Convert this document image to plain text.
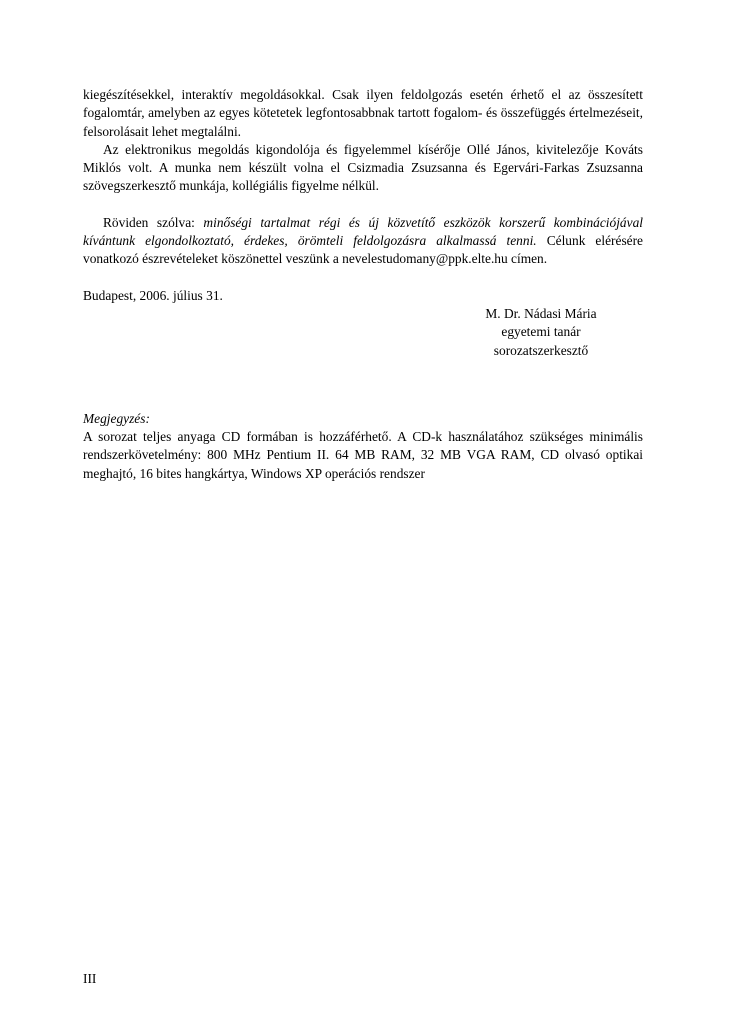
kiegészítésekkel, interaktív megoldásokkal. Csak ilyen feldolgozás esetén érhető el az összesített fogalomtár, amelyben az egyes kötetetek legfontosabbnak tartott fogalom- és összefüggés értelmezéseit, felsorolásait lehet megtalálni.

Az elektronikus megoldás kigondolója és figyelemmel kísérője Ollé János, kivitelezője Kováts Miklós volt. A munka nem készült volna el Csizmadia Zsuzsanna és Egervári-Farkas Zsuzsanna szövegszerkesztő munkája, kollégiális figyelme nélkül.

Röviden szólva: minőségi tartalmat régi és új közvetítő eszközök korszerű kombinációjával kívántunk elgondolkoztató, érdekes, örömteli feldolgozásra alkalmassá tenni. Célunk elérésére vonatkozó észrevételeket köszönettel veszünk a nevelestudomany@ppk.elte.hu címen.

Budapest, 2006. július 31.

M. Dr. Nádasi Mária
egyetemi tanár
sorozatszerkesztő
Megjegyzés:

A sorozat teljes anyaga CD formában is hozzáférhető. A CD-k használatához szükséges minimális rendszerkövetelmény: 800 MHz Pentium II. 64 MB RAM, 32 MB VGA RAM, CD olvasó optikai meghajtó, 16 bites hangkártya, Windows XP operációs rendszer

III
